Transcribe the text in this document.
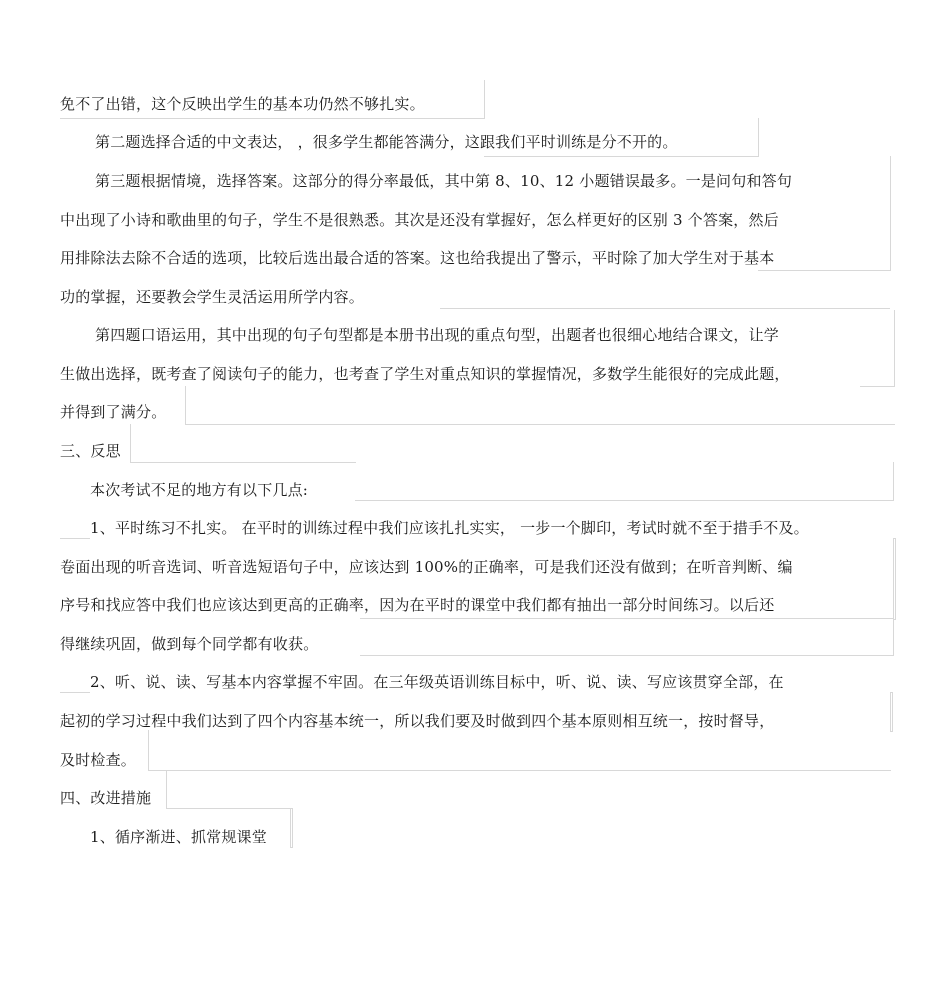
免不了出错，这个反映出学生的基本功仍然不够扎实。
第二题选择合适的中文表达， ，很多学生都能答满分，这跟我们平时训练是分不开的。
第三题根据情境，选择答案。这部分的得分率最低，其中第 8、10、12 小题错误最多。一是问句和答句
中出现了小诗和歌曲里的句子，学生不是很熟悉。其次是还没有掌握好，怎么样更好的区别 3 个答案，然后
用排除法去除不合适的选项，比较后选出最合适的答案。这也给我提出了警示，平时除了加大学生对于基本
功的掌握，还要教会学生灵活运用所学内容。
第四题口语运用，其中出现的句子句型都是本册书出现的重点句型，出题者也很细心地结合课文，让学
生做出选择，既考查了阅读句子的能力，也考查了学生对重点知识的掌握情况，多数学生能很好的完成此题，
并得到了满分。
三、反思
本次考试不足的地方有以下几点:
1、平时练习不扎实。 在平时的训练过程中我们应该扎扎实实， 一步一个脚印，考试时就不至于措手不及。
卷面出现的听音选词、听音选短语句子中，应该达到 100%的正确率，可是我们还没有做到；在听音判断、编
序号和找应答中我们也应该达到更高的正确率，因为在平时的课堂中我们都有抽出一部分时间练习。以后还
得继续巩固，做到每个同学都有收获。
2、听、说、读、写基本内容掌握不牢固。在三年级英语训练目标中，听、说、读、写应该贯穿全部，在
起初的学习过程中我们达到了四个内容基本统一，所以我们要及时做到四个基本原则相互统一，按时督导，
及时检查。
四、改进措施
1、循序渐进、抓常规课堂
